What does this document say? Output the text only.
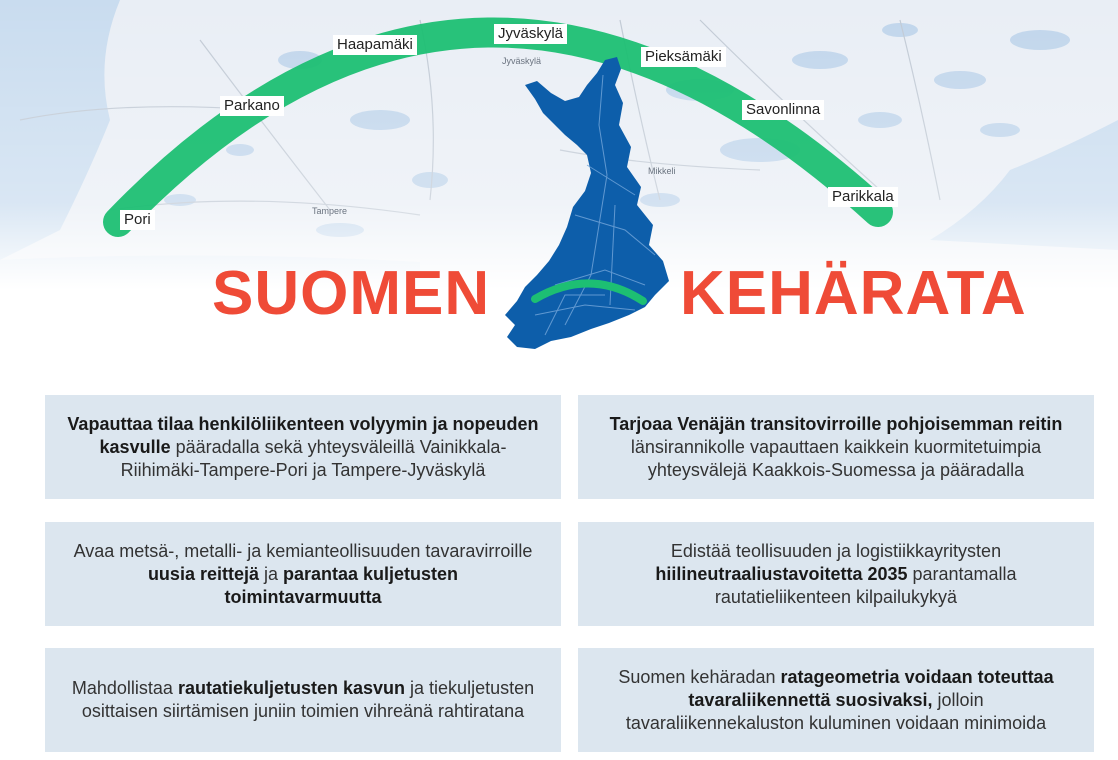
Jyväskylä
Mikkeli
Tampere
Pori
Parkano
Haapamäki
Jyväskylä
Pieksämäki
Savonlinna
Parikkala
SUOMEN	KEHÄRATA
Vapauttaa tilaa henkilöliikenteen volyymin ja nopeuden kasvulle pääradalla sekä yhteysväleillä Vainikkala-Riihimäki-Tampere-Pori ja Tampere-Jyväskylä
Tarjoaa Venäjän transitovirroille pohjoisemman reitin länsirannikolle vapauttaen kaikkein kuormitetuimpia yhteysvälejä Kaakkois-Suomessa ja pääradalla
Avaa metsä-, metalli- ja kemianteollisuuden tavaravirroille uusia reittejä ja parantaa kuljetusten toimintavarmuutta
Edistää teollisuuden ja logistiikkayritysten hiilineutraaliustavoitetta 2035 parantamalla rautatieliikenteen kilpailukykyä
Mahdollistaa rautatiekuljetusten kasvun ja tiekuljetusten osittaisen siirtämisen juniin toimien vihreänä rahtiratana
Suomen kehäradan ratageometria voidaan toteuttaa tavaraliikennettä suosivaksi, jolloin tavaraliikennekaluston kuluminen voidaan minimoida
